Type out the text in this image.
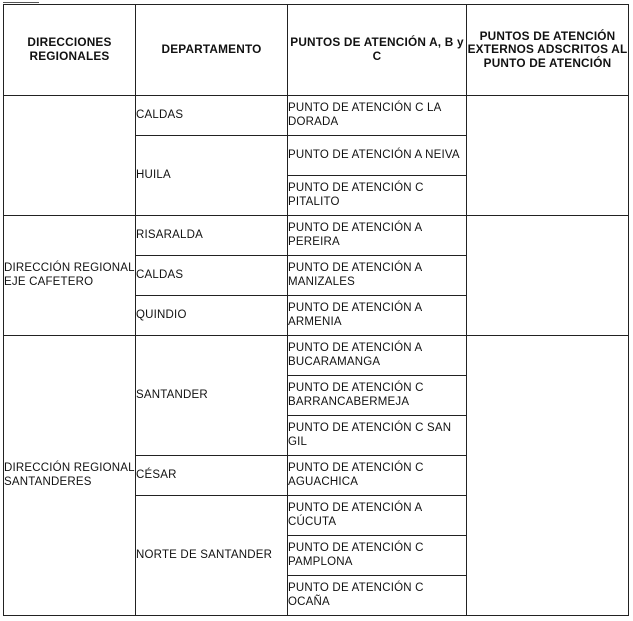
DIRECCIONES REGIONALES	DEPARTAMENTO	PUNTOS DE ATENCIÓN A, B y C	PUNTOS DE ATENCIÓN EXTERNOS ADSCRITOS AL PUNTO DE ATENCIÓN
	CALDAS	PUNTO DE ATENCIÓN C LA DORADA	
	HUILA	PUNTO DE ATENCIÓN A NEIVA	
		PUNTO DE ATENCIÓN C PITALITO	
DIRECCIÓN REGIONAL EJE CAFETERO	RISARALDA	PUNTO DE ATENCIÓN A PEREIRA	
	CALDAS	PUNTO DE ATENCIÓN A MANIZALES	
	QUINDIO	PUNTO DE ATENCIÓN A ARMENIA	
DIRECCIÓN REGIONAL SANTANDERES	SANTANDER	PUNTO DE ATENCIÓN A BUCARAMANGA	
		PUNTO DE ATENCIÓN C BARRANCABERMEJA	
		PUNTO DE ATENCIÓN C SAN GIL	
	CÉSAR	PUNTO DE ATENCIÓN C AGUACHICA	
	NORTE DE SANTANDER	PUNTO DE ATENCIÓN A CÚCUTA	
		PUNTO DE ATENCIÓN C PAMPLONA	
		PUNTO DE ATENCIÓN C OCAÑA	
